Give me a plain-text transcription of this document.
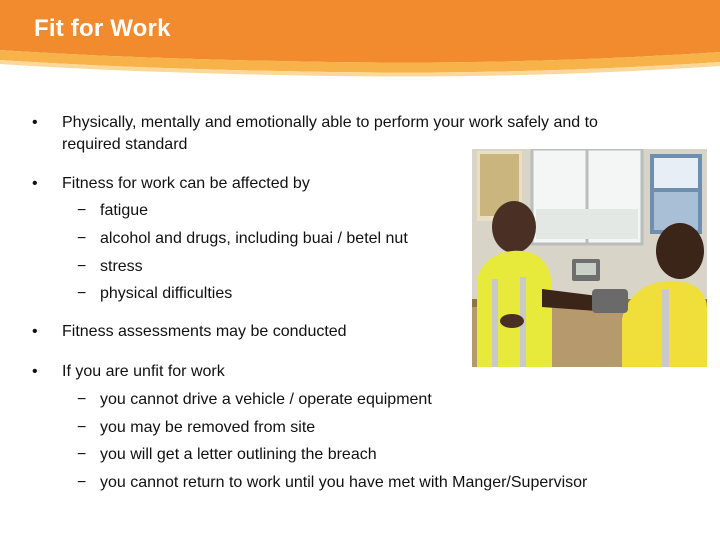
Fit for Work
• Physically, mentally and emotionally able to perform your work safely and to
required standard
• Fitness for work can be affected by
− fatigue
− alcohol and drugs, including buai / betel nut
− stress
− physical difficulties
• Fitness assessments may be conducted
• If you are unfit for work
− you cannot drive a vehicle / operate equipment
− you may be removed from site
− you will get a letter outlining the breach
− you cannot return to work until you have met with Manger/Supervisor
